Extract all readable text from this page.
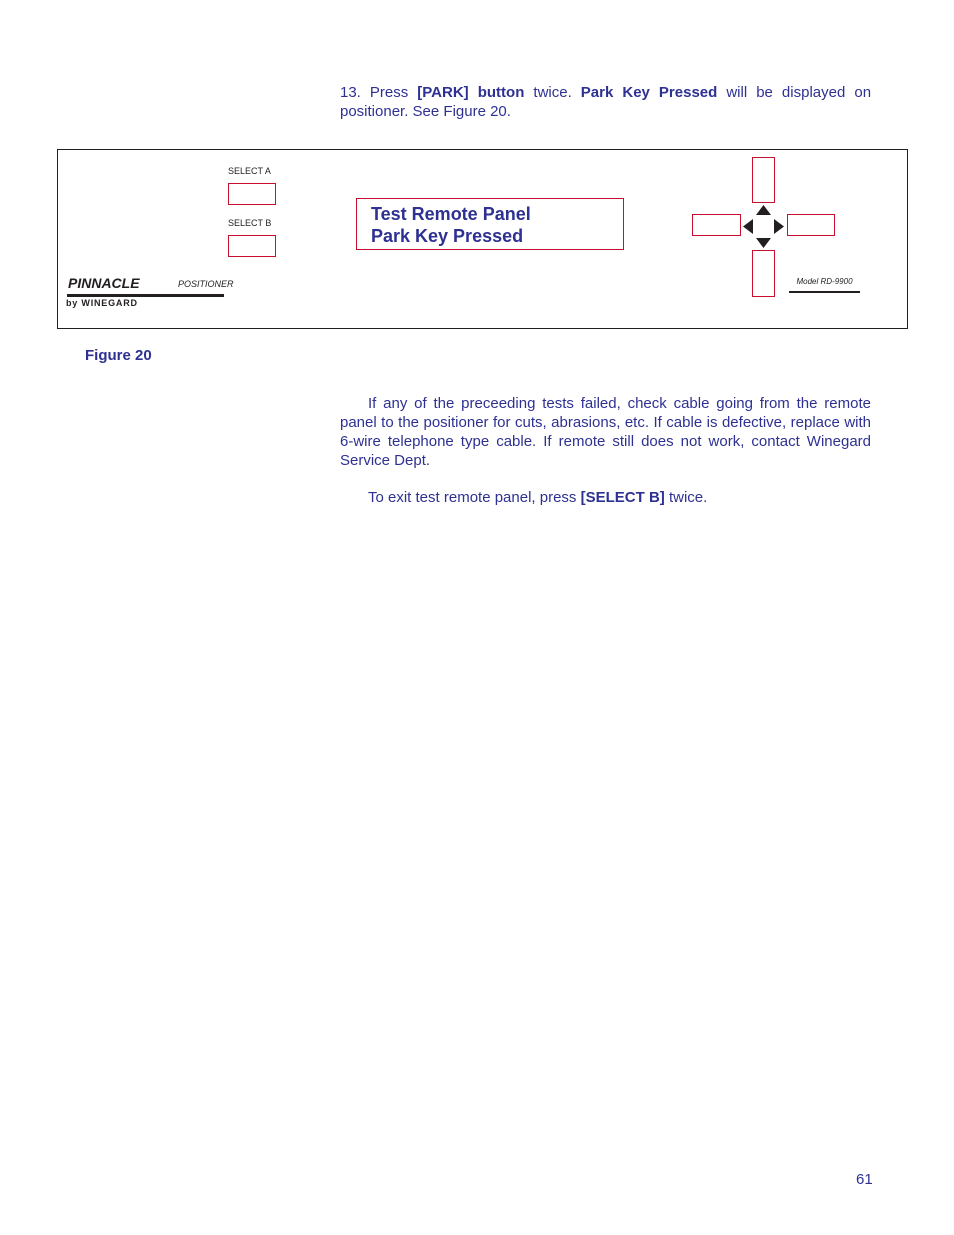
13. Press [PARK] button twice. Park Key Pressed will be displayed on positioner. See Figure 20.

SELECT A
SELECT B	Test Remote Panel
Park Key Pressed
PINNACLE	POSITIONER
by WINEGARD
Model RD-9900
Figure 20

If any of the preceeding tests failed, check cable going from the remote panel to the positioner for cuts, abrasions, etc. If cable is defective, replace with 6-wire telephone type cable. If remote still does not work, contact Winegard Service Dept.

To exit test remote panel, press [SELECT B] twice.

61
